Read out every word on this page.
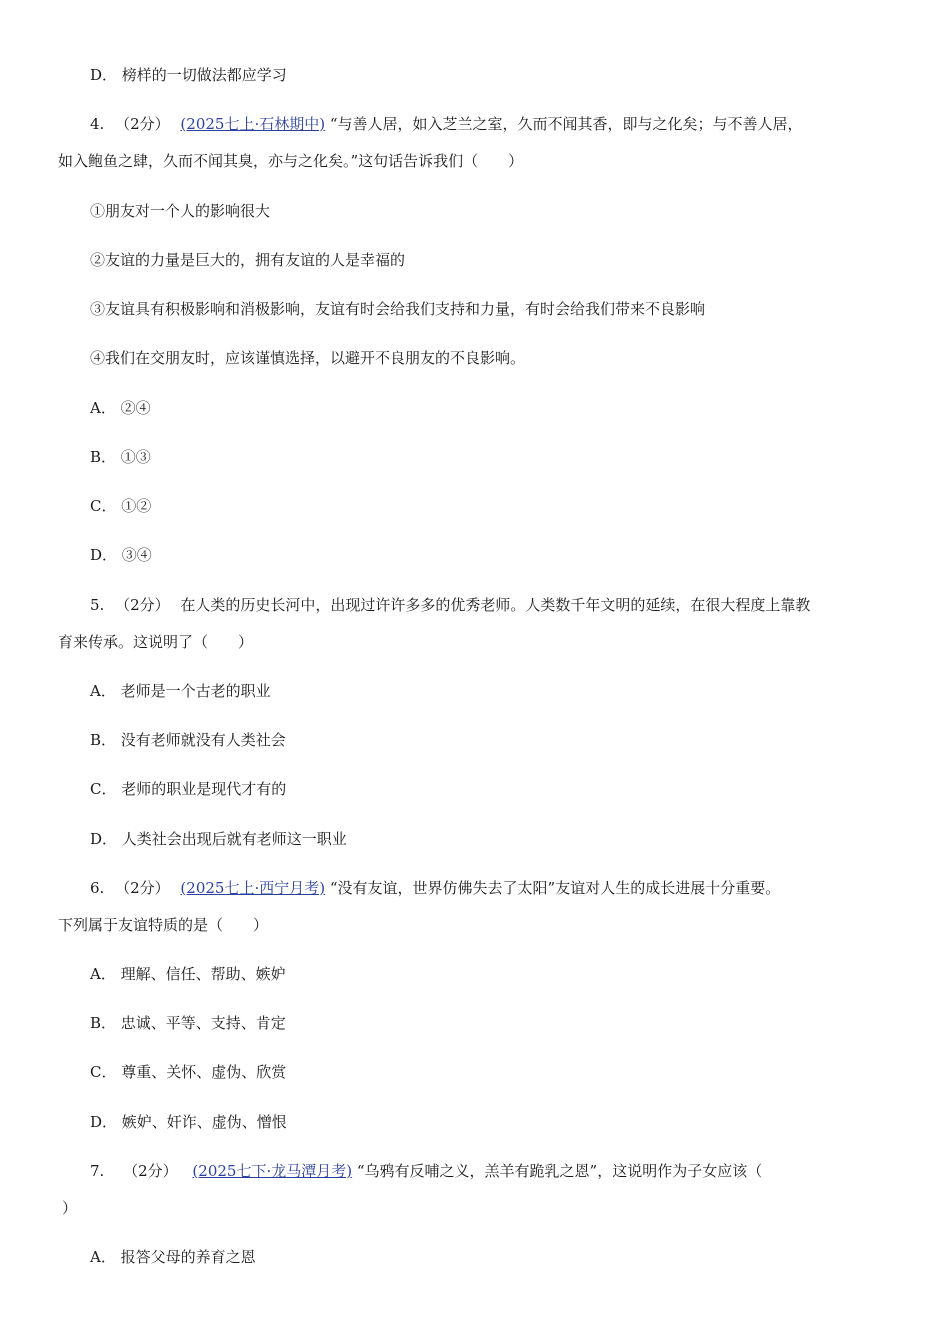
D． 榜样的一切做法都应学习
4. （2分） (2025七上·石林期中) “与善人居，如入芝兰之室，久而不闻其香，即与之化矣；与不善人居，
如入鲍鱼之肆，久而不闻其臭，亦与之化矣。”这句话告诉我们（　　）
①朋友对一个人的影响很大
②友谊的力量是巨大的，拥有友谊的人是幸福的
③友谊具有积极影响和消极影响，友谊有时会给我们支持和力量，有时会给我们带来不良影响
④我们在交朋友时，应该谨慎选择，以避开不良朋友的不良影响。
A． ②④
B． ①③
C． ①②
D． ③④
5. （2分） 在人类的历史长河中，出现过许许多多的优秀老师。人类数千年文明的延续，在很大程度上靠教
育来传承。这说明了（　　）
A． 老师是一个古老的职业
B． 没有老师就没有人类社会
C． 老师的职业是现代才有的
D． 人类社会出现后就有老师这一职业
6. （2分） (2025七上·西宁月考) “没有友谊，世界仿佛失去了太阳”友谊对人生的成长进展十分重要。
下列属于友谊特质的是（　　）
A． 理解、信任、帮助、嫉妒
B． 忠诚、平等、支持、肯定
C． 尊重、关怀、虚伪、欣赏
D． 嫉妒、奸诈、虚伪、憎恨
7. （2分） (2025七下·龙马潭月考) “乌鸦有反哺之义，羔羊有跪乳之恩”，这说明作为子女应该（
）
A． 报答父母的养育之恩
